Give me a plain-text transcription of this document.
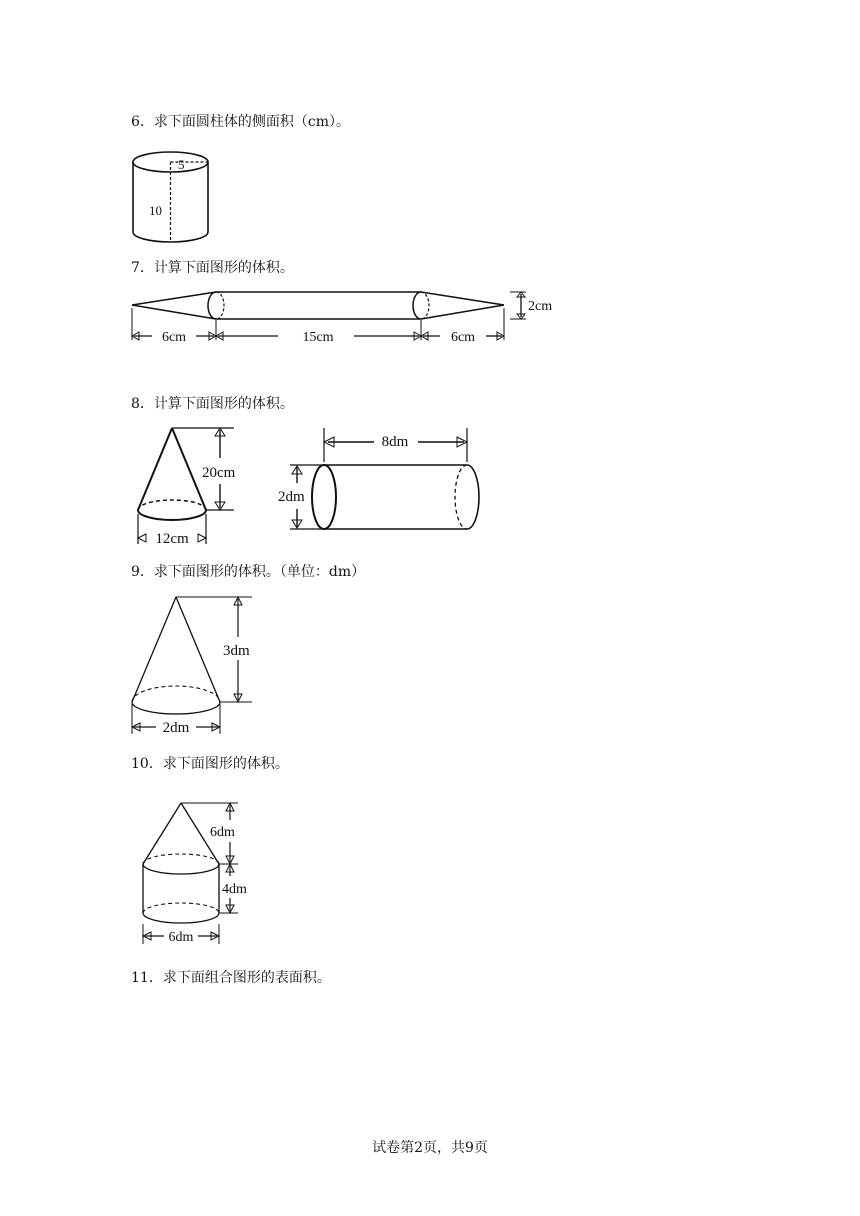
6．求下面圆柱体的侧面积（cm）。
5
10
7．计算下面图形的体积。
2cm
6cm	15cm	6cm
8．计算下面图形的体积。
20cm
12cm
8dm
2dm
9．求下面图形的体积。（单位：dm）
3dm
2dm
10．求下面图形的体积。
6dm
4dm
6dm
11．求下面组合图形的表面积。
试卷第2页，共9页
